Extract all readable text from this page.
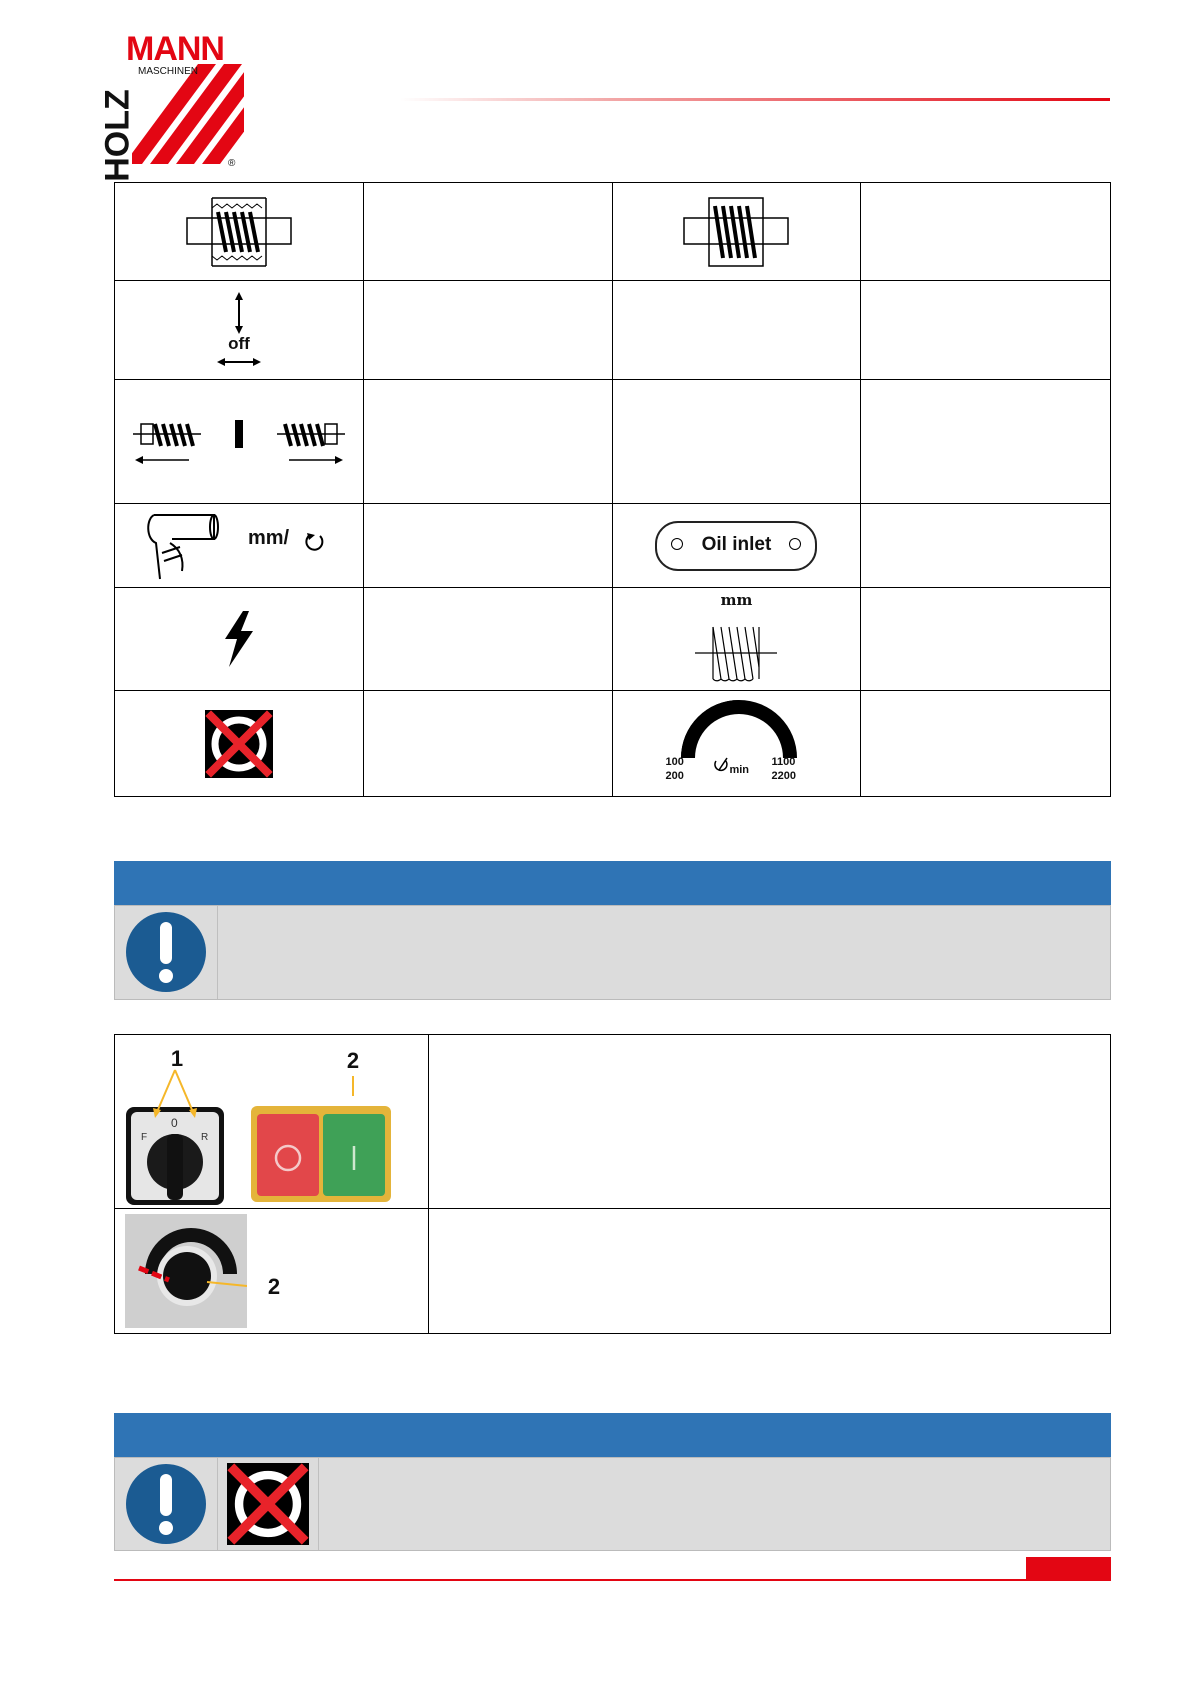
MANN
MASCHINEN
HOLZ	®

off			

mm/		Oil inlet	

mm	

100
200
1100
2200
min	

F
0
R
1 2	

2	
